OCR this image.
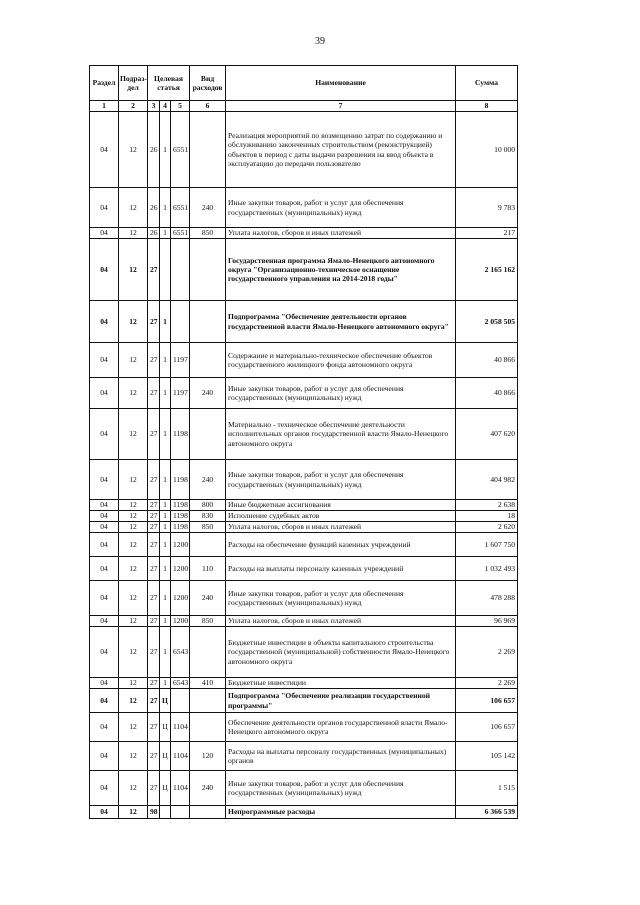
39
Раздел	Подраз-дел	Целевая статья			Вид расходов	Наименование	Сумма
1	2	3	4	5	6	7	8
04	12	26	1	6551		Реализация мероприятий по возмещению затрат по содержанию и обслуживанию законченных строительством (реконструкцией) объектов в период с даты выдачи разрешения на ввод объекта в эксплуатацию до передачи пользователю	10 000
04	12	26	1	6551	240	Иные закупки товаров, работ и услуг для обеспечения государственных (муниципальных) нужд	9 783
04	12	26	1	6551	850	Уплата налогов, сборов и иных платежей	217
04	12	27				Государственная программа Ямало-Ненецкого автономного округа "Организационно-техническое оснащение государственного управления на 2014-2018 годы"	2 165 162
04	12	27	1			Подпрограмма "Обеспечение деятельности органов государственной власти Ямало-Ненецкого автономного округа"	2 058 505
04	12	27	1	1197		Содержание и материально-техническое обеспечение объектов государственного жилищного фонда автономного округа	40 866
04	12	27	1	1197	240	Иные закупки товаров, работ и услуг для обеспечения государственных (муниципальных) нужд	40 866
04	12	27	1	1198		Материально - техническое обеспечение деятельности исполнительных органов государственной власти Ямало-Ненецкого автономного округа	407 620
04	12	27	1	1198	240	Иные закупки товаров, работ и услуг для обеспечения государственных (муниципальных) нужд	404 982
04	12	27	1	1198	800	Иные бюджетные ассигнования	2 638
04	12	27	1	1198	830	Исполнение судебных актов	18
04	12	27	1	1198	850	Уплата налогов, сборов и иных платежей	2 620
04	12	27	1	1200		Расходы на обеспечение функций казенных учреждений	1 607 750
04	12	27	1	1200	110	Расходы на выплаты персоналу казенных учреждений	1 032 493
04	12	27	1	1200	240	Иные закупки товаров, работ и услуг для обеспечения государственных (муниципальных) нужд	478 288
04	12	27	1	1200	850	Уплата налогов, сборов и иных платежей	96 969
04	12	27	1	6543		Бюджетные инвестиции в объекты капитального строительства государственной (муниципальной) собственности Ямало-Ненецкого автономного округа	2 269
04	12	27	1	6543	410	Бюджетные инвестиции	2 269
04	12	27	Ц			Подпрограмма "Обеспечение реализации государственной программы"	106 657
04	12	27	Ц	1104		Обеспечение деятельности органов государственной власти Ямало-Ненецкого автономного округа	106 657
04	12	27	Ц	1104	120	Расходы на выплаты персоналу государственных (муниципальных) органов	105 142
04	12	27	Ц	1104	240	Иные закупки товаров, работ и услуг для обеспечения государственных (муниципальных) нужд	1 515
04	12	98				Непрограммные расходы	6 366 539
